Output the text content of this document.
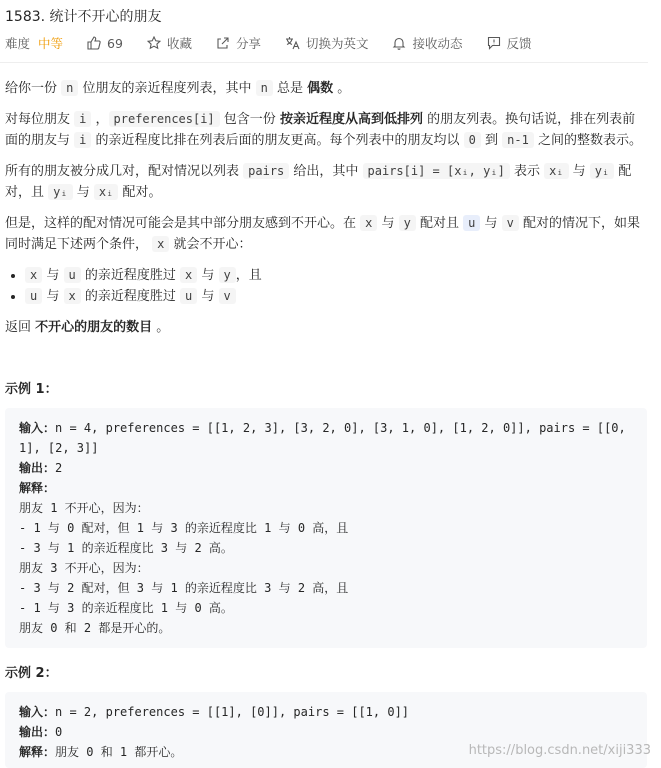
1583. 统计不开心的朋友
难度 中等	69	收藏	分享	切换为英文	接收动态	反馈

给你一份 n 位朋友的亲近程度列表，其中 n 总是 偶数 。

对每位朋友 i ， preferences[i] 包含一份 按亲近程度从高到低排列 的朋友列表。换句话说，排在列表前面的朋友与 i 的亲近程度比排在列表后面的朋友更高。每个列表中的朋友均以 0 到 n-1 之间的整数表示。

所有的朋友被分成几对，配对情况以列表 pairs 给出，其中 pairs[i] = [xᵢ, yᵢ] 表示 xᵢ 与 yᵢ 配对，且 yᵢ 与 xᵢ 配对。

但是，这样的配对情况可能会是其中部分朋友感到不开心。在 x 与 y 配对且 u 与 v 配对的情况下，如果同时满足下述两个条件， x 就会不开心：

• x 与 u 的亲近程度胜过 x 与 y ，且
• u 与 x 的亲近程度胜过 u 与 v

返回 不开心的朋友的数目 。

示例 1：
输入：n = 4, preferences = [[1, 2, 3], [3, 2, 0], [3, 1, 0], [1, 2, 0]], pairs = [[0,
1], [2, 3]]
输出：2
解释：
朋友 1 不开心，因为：
- 1 与 0 配对，但 1 与 3 的亲近程度比 1 与 0 高，且
- 3 与 1 的亲近程度比 3 与 2 高。
朋友 3 不开心，因为：
- 3 与 2 配对，但 3 与 1 的亲近程度比 3 与 2 高，且
- 1 与 3 的亲近程度比 1 与 0 高。
朋友 0 和 2 都是开心的。
示例 2：
输入：n = 2, preferences = [[1], [0]], pairs = [[1, 0]]
输出：0
解释：朋友 0 和 1 都开心。	https://blog.csdn.net/xiji333
